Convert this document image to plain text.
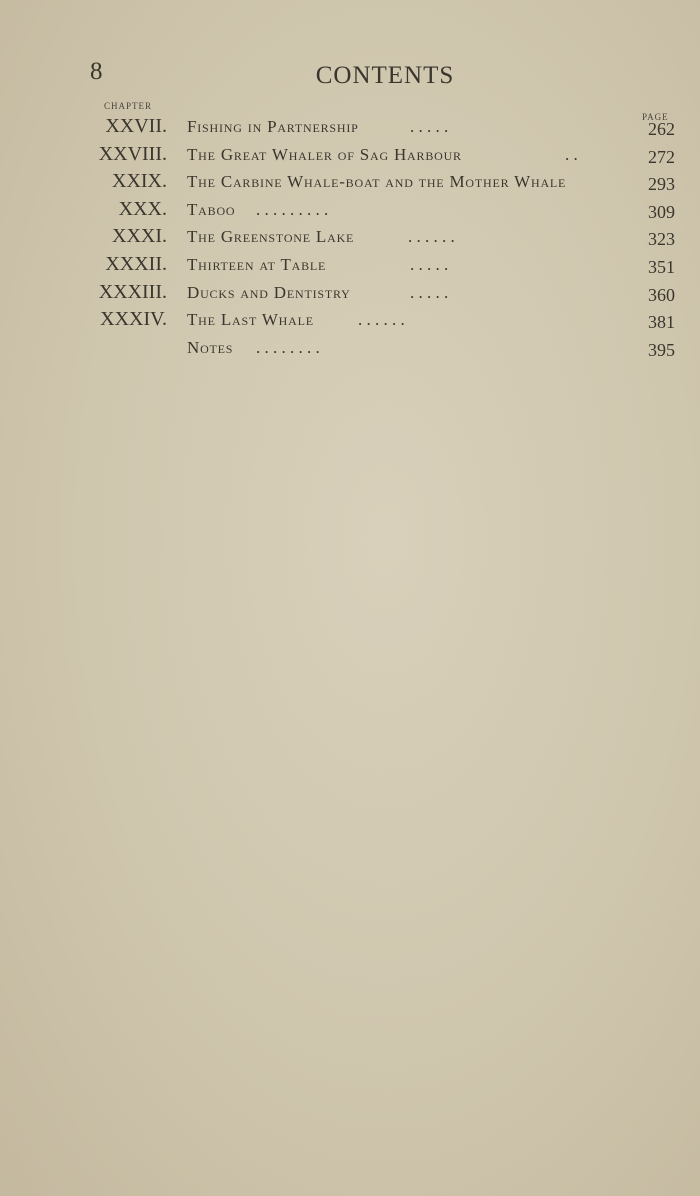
8	CONTENTS
CHAPTER
PAGE
XXVII. Fishing in Partnership	. . . . .	262
XXVIII. The Great Whaler of Sag Harbour	. .	272
XXIX. The Carbine Whale-boat and the Mother Whale	293
XXX. Taboo . . . . . . . . .	309
XXXI. The Greenstone Lake	. . . . . .	323
XXXII. Thirteen at Table	. . . . .	351
XXXIII. Ducks and Dentistry	. . . . .	360
XXXIV. The Last Whale	. . . . . .	381
Notes . . . . . . . .	395
